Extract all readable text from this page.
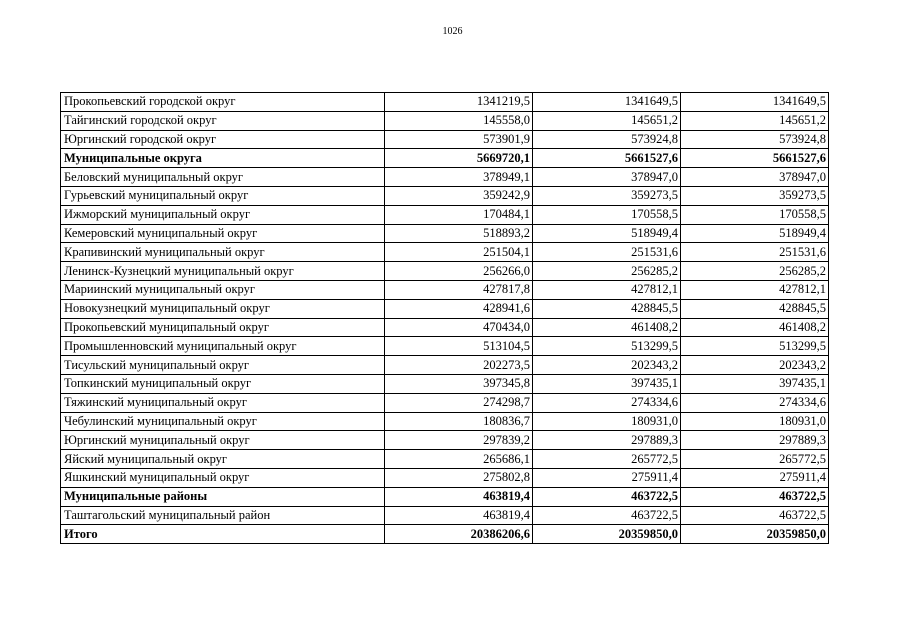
1026
Прокопьевский городской округ	1341219,5	1341649,5	1341649,5
Тайгинский городской округ	145558,0	145651,2	145651,2
Юргинский городской округ	573901,9	573924,8	573924,8
Муниципальные округа	5669720,1	5661527,6	5661527,6
Беловский муниципальный округ	378949,1	378947,0	378947,0
Гурьевский муниципальный округ	359242,9	359273,5	359273,5
Ижморский муниципальный округ	170484,1	170558,5	170558,5
Кемеровский муниципальный округ	518893,2	518949,4	518949,4
Крапивинский муниципальный округ	251504,1	251531,6	251531,6
Ленинск-Кузнецкий муниципальный округ	256266,0	256285,2	256285,2
Мариинский муниципальный округ	427817,8	427812,1	427812,1
Новокузнецкий муниципальный округ	428941,6	428845,5	428845,5
Прокопьевский муниципальный округ	470434,0	461408,2	461408,2
Промышленновский муниципальный округ	513104,5	513299,5	513299,5
Тисульский муниципальный округ	202273,5	202343,2	202343,2
Топкинский муниципальный округ	397345,8	397435,1	397435,1
Тяжинский муниципальный округ	274298,7	274334,6	274334,6
Чебулинский муниципальный округ	180836,7	180931,0	180931,0
Юргинский муниципальный округ	297839,2	297889,3	297889,3
Яйский муниципальный округ	265686,1	265772,5	265772,5
Яшкинский муниципальный округ	275802,8	275911,4	275911,4
Муниципальные районы	463819,4	463722,5	463722,5
Таштагольский муниципальный район	463819,4	463722,5	463722,5
Итого	20386206,6	20359850,0	20359850,0
